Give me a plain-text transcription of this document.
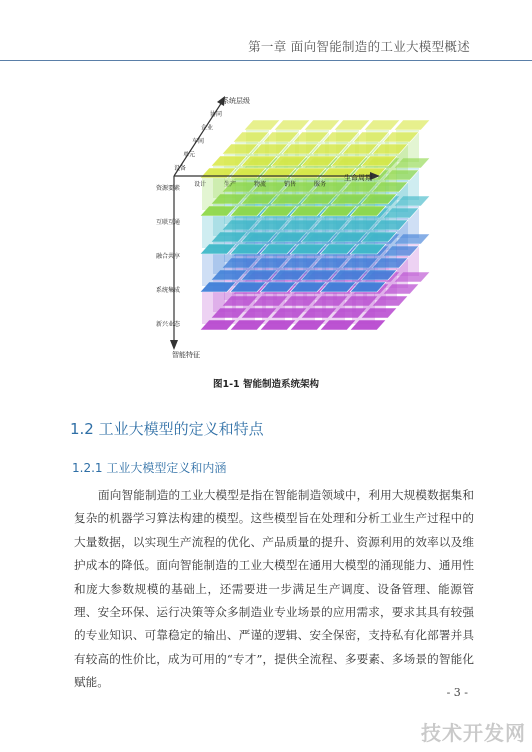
第一章 面向智能制造的工业大模型概述
系统层级
生命周期
智能特征
协同
企业
车间
单元
设备
设计	生产	物流	销售	服务
资源要素
互联互通
融合共享
系统集成
新兴业态
图1-1 智能制造系统架构
1.2 工业大模型的定义和特点
1.2.1 工业大模型定义和内涵
面向智能制造的工业大模型是指在智能制造领域中，利用大规模数据集和复杂的机器学习算法构建的模型。这些模型旨在处理和分析工业生产过程中的大量数据，以实现生产流程的优化、产品质量的提升、资源利用的效率以及维护成本的降低。面向智能制造的工业大模型在通用大模型的涌现能力、通用性和庞大参数规模的基础上，还需要进一步满足生产调度、设备管理、能源管理、安全环保、运行决策等众多制造业专业场景的应用需求，要求其具有较强的专业知识、可靠稳定的输出、严谨的逻辑、安全保密，支持私有化部署并具有较高的性价比，成为可用的“专才”，提供全流程、多要素、多场景的智能化赋能。
- 3 -
技术开发网
